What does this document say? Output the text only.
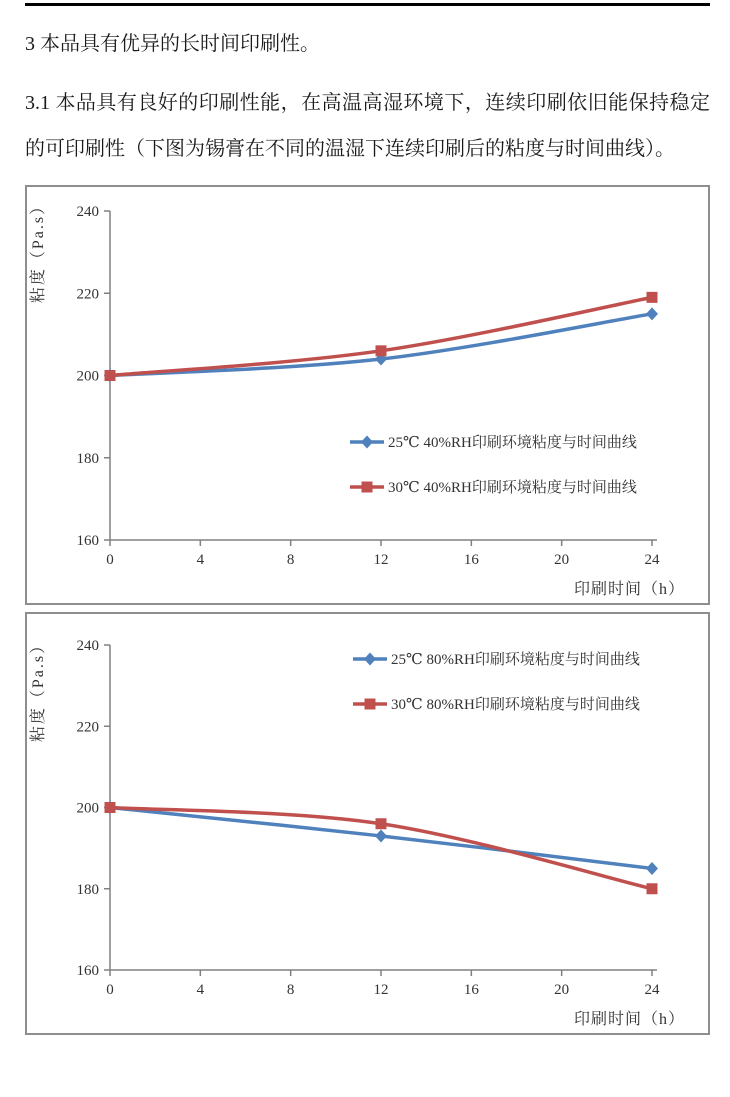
3 本品具有优异的长时间印刷性。

3.1 本品具有良好的印刷性能，在高温高湿环境下，连续印刷依旧能保持稳定的可印刷性（下图为锡膏在不同的温湿下连续印刷后的粘度与时间曲线）。

160
180
200
220
240
0	4	8	12	16	20	24
粘度（Pa.s）
印刷时间（h）
25℃ 40%RH印刷环境粘度与时间曲线
30℃ 40%RH印刷环境粘度与时间曲线
160
180
200
220
240
0	4	8	12	16	20	24
粘度（Pa.s）
印刷时间（h）
25℃ 80%RH印刷环境粘度与时间曲线
30℃ 80%RH印刷环境粘度与时间曲线
